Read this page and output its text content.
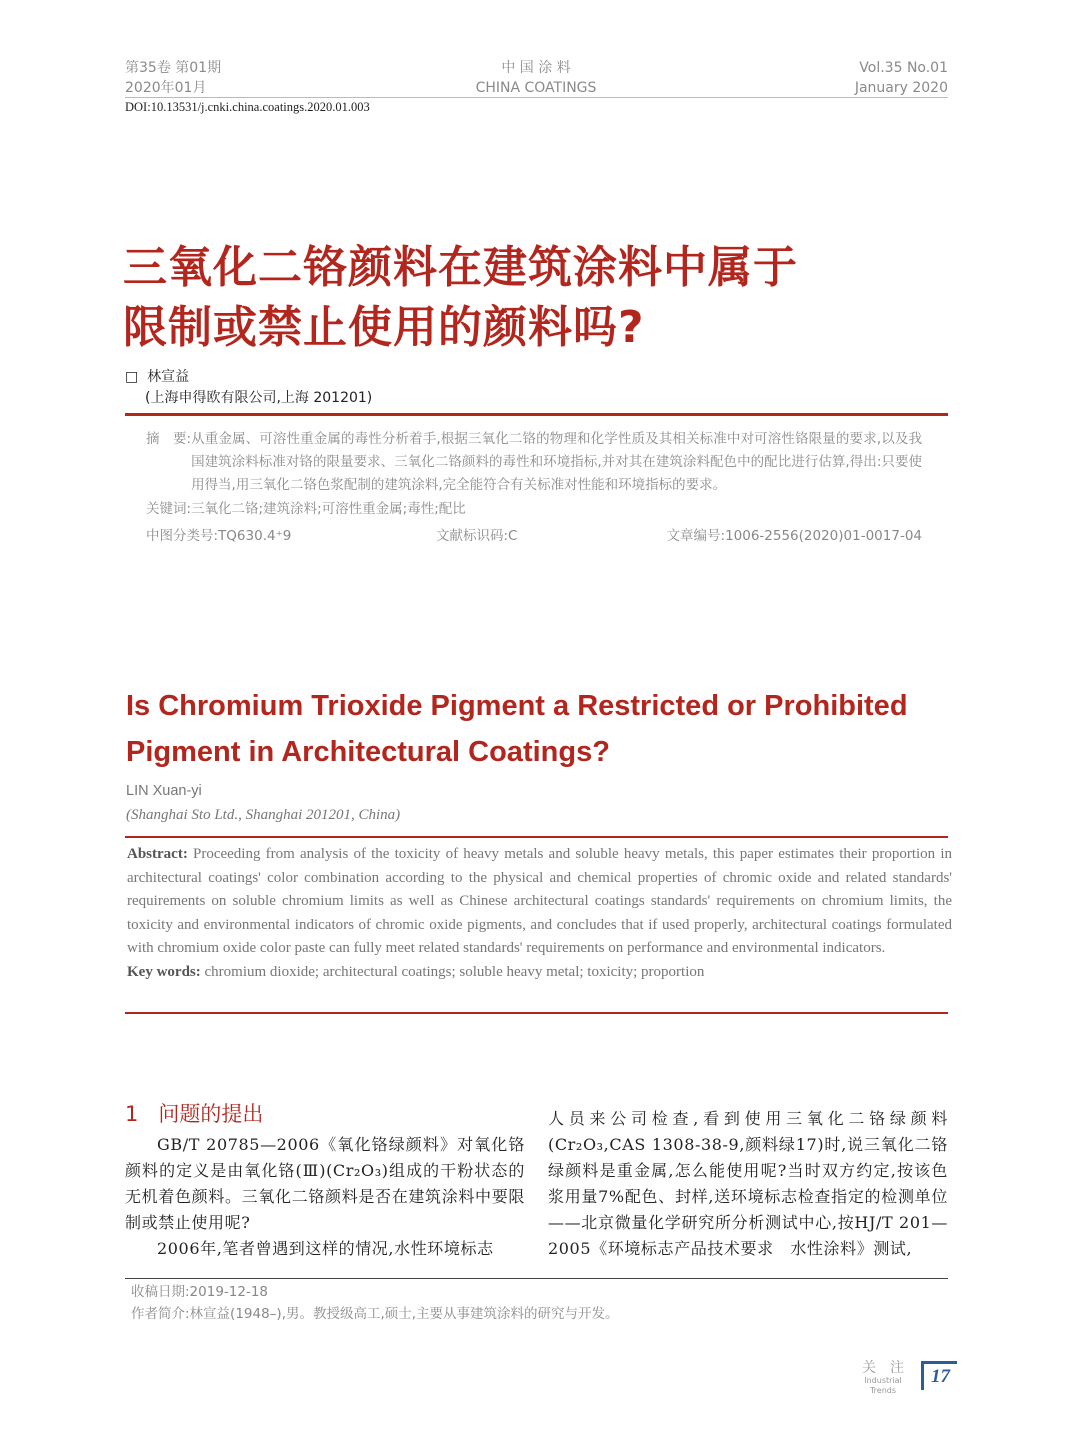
第35卷 第01期
2020年01月
中 国 涂 料
CHINA COATINGS
Vol.35 No.01
January 2020
DOI:10.13531/j.cnki.china.coatings.2020.01.003
三氧化二铬颜料在建筑涂料中属于
限制或禁止使用的颜料吗?
□ 林宣益
(上海申得欧有限公司,上海 201201)
摘　要: 从重金属、可溶性重金属的毒性分析着手,根据三氧化二铬的物理和化学性质及其相关标准中对可溶性铬限量的要求,以及我国建筑涂料标准对铬的限量要求、三氧化二铬颜料的毒性和环境指标,并对其在建筑涂料配色中的配比进行估算,得出:只要使用得当,用三氧化二铬色浆配制的建筑涂料,完全能符合有关标准对性能和环境指标的要求。
关键词:三氧化二铬;建筑涂料;可溶性重金属;毒性;配比
中图分类号:TQ630.4⁺9	文献标识码:C	文章编号:1006-2556(2020)01-0017-04
Is Chromium Trioxide Pigment a Restricted or Prohibited
Pigment in Architectural Coatings?
LIN Xuan-yi
(Shanghai Sto Ltd., Shanghai 201201, China)
Abstract: Proceeding from analysis of the toxicity of heavy metals and soluble heavy metals, this paper estimates their proportion in architectural coatings' color combination according to the physical and chemical properties of chromic oxide and related standards' requirements on soluble chromium limits as well as Chinese architectural coatings standards' requirements on chromium limits, the toxicity and environmental indicators of chromic oxide pigments, and concludes that if used properly, architectural coatings formulated with chromium oxide color paste can fully meet related standards' requirements on performance and environmental indicators.
Key words: chromium dioxide; architectural coatings; soluble heavy metal; toxicity; proportion
1 问题的提出

GB/T 20785—2006《氧化铬绿颜料》对氧化铬颜料的定义是由氧化铬(Ⅲ)(Cr₂O₃)组成的干粉状态的无机着色颜料。三氧化二铬颜料是否在建筑涂料中要限制或禁止使用呢?

2006年,笔者曾遇到这样的情况,水性环境标志

人员来公司检查,看到使用三氧化二铬绿颜料(Cr₂O₃,CAS 1308-38-9,颜料绿17)时,说三氧化二铬绿颜料是重金属,怎么能使用呢?当时双方约定,按该色浆用量7%配色、封样,送环境标志检查指定的检测单位——北京微量化学研究所分析测试中心,按HJ/T 201—2005《环境标志产品技术要求　水性涂料》测试,
收稿日期:2019-12-18
作者简介:林宣益(1948–),男。教授级高工,硕士,主要从事建筑涂料的研究与开发。
关　注
Industrial Trends
17
